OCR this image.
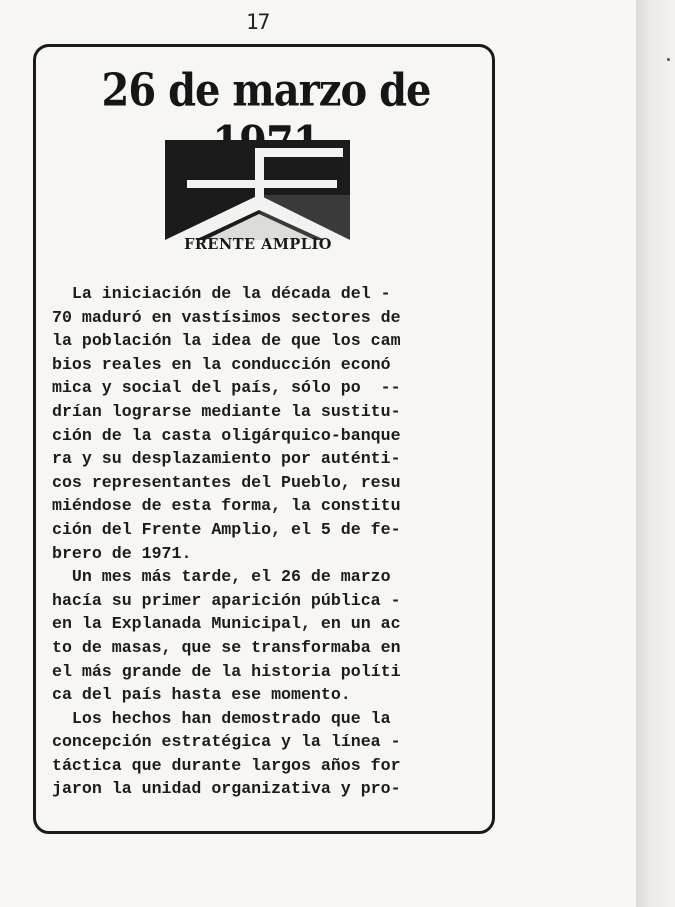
17
26 de marzo de
FRENTE AMPLIO
La iniciación de la década del -
70 maduró en vastísimos sectores de
la población la idea de que los cam
bios reales en la conducción econó
mica y social del país, sólo po  --
drían lograrse mediante la sustitu-
ción de la casta oligárquico-banque
ra y su desplazamiento por auténti-
cos representantes del Pueblo, resu
miéndose de esta forma, la constitu
ción del Frente Amplio, el 5 de fe-
brero de 1971.
Un mes más tarde, el 26 de marzo
hacía su primer aparición pública -
en la Explanada Municipal, en un ac
to de masas, que se transformaba en
el más grande de la historia políti
ca del país hasta ese momento.
Los hechos han demostrado que la
concepción estratégica y la línea -
táctica que durante largos años for
jaron la unidad organizativa y pro-
